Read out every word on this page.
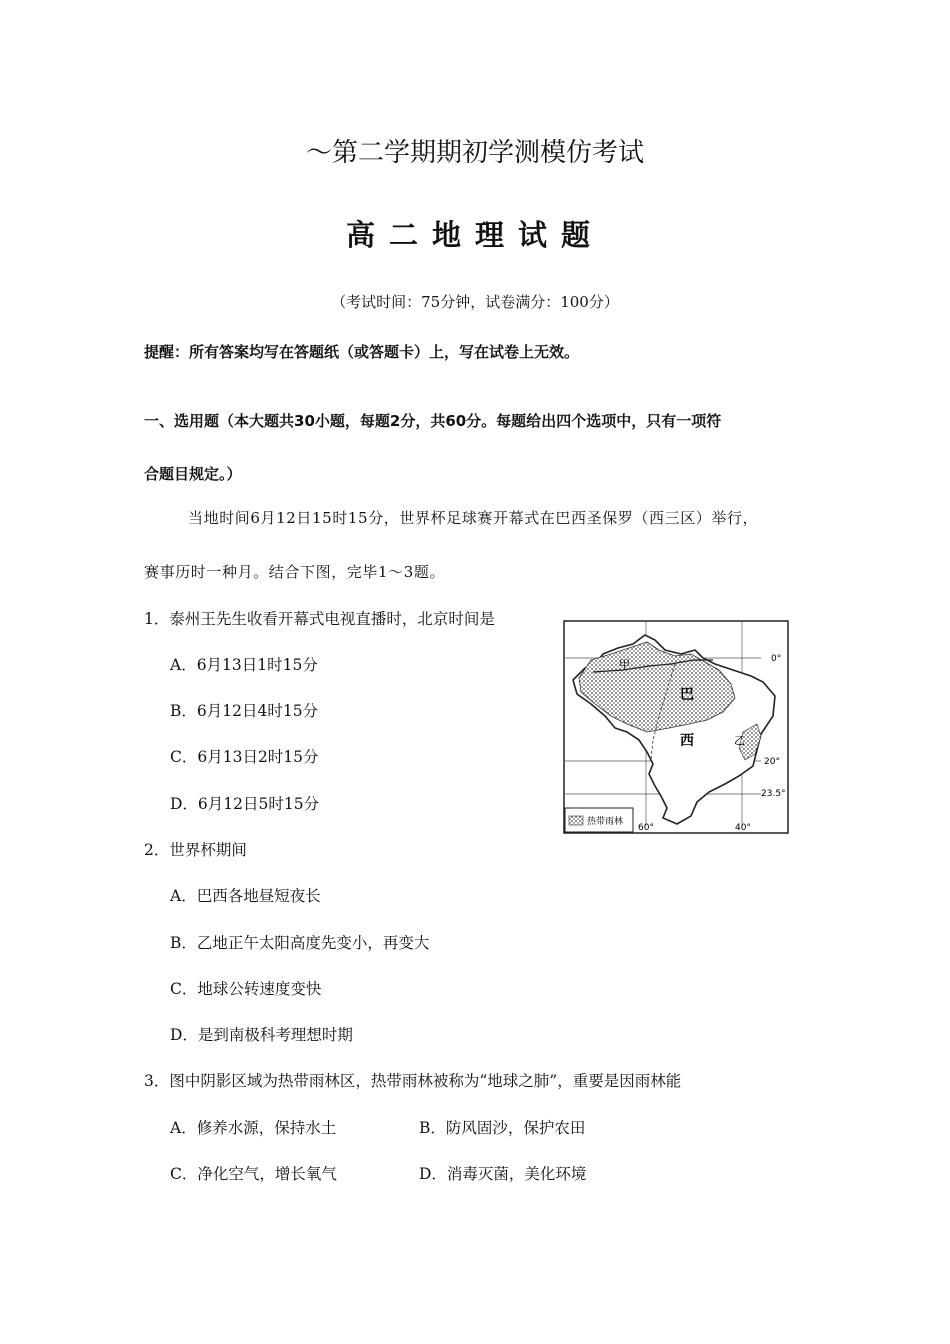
～第二学期期初学测模仿考试
高二地理试题
（考试时间：75分钟，试卷满分：100分）
提醒：所有答案均写在答题纸（或答题卡）上，写在试卷上无效。
一、选用题（本大题共30小题，每题2分，共60分。每题给出四个选项中，只有一项符
合题目规定。）
当地时间6月12日15时15分，世界杯足球赛开幕式在巴西圣保罗（西三区）举行，
赛事历时一种月。结合下图，完毕1～3题。
1．泰州王先生收看开幕式电视直播时，北京时间是
A．6月13日1时15分
B．6月12日4时15分
C．6月13日2时15分
D．6月12日5时15分
2．世界杯期间
A．巴西各地昼短夜长
B．乙地正午太阳高度先变小，再变大
C．地球公转速度变快
D．是到南极科考理想时期
3．图中阴影区域为热带雨林区，热带雨林被称为“地球之肺”，重要是因雨林能
A．修养水源，保持水土	B．防风固沙，保护农田
C．净化空气，增长氧气	D．消毒灭菌，美化环境
甲
巴
西	乙
0°
20°
23.5°
60°	40°
热带雨林
